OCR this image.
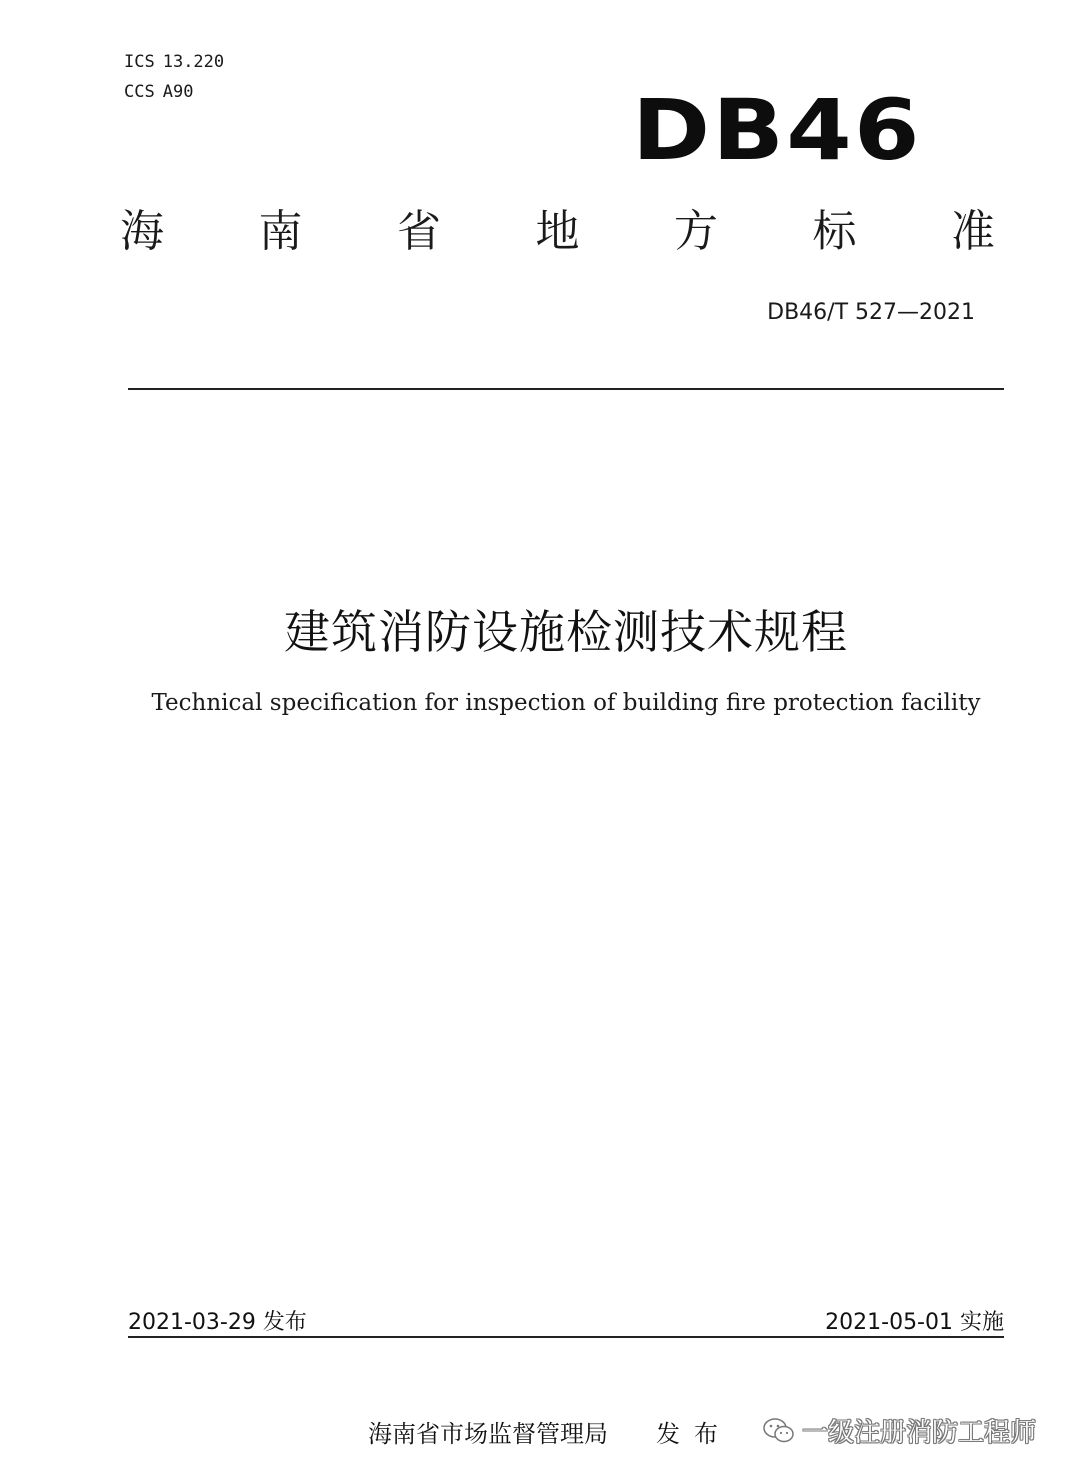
ICS 13.220
CCS A90	DB46
海 南 省 地 方 标 准
DB46/T 527—2021
建筑消防设施检测技术规程
Technical specification for inspection of building fire protection facility
2021-03-29 发布	2021-05-01 实施
海南省市场监督管理局 发布	一级注册消防工程师
